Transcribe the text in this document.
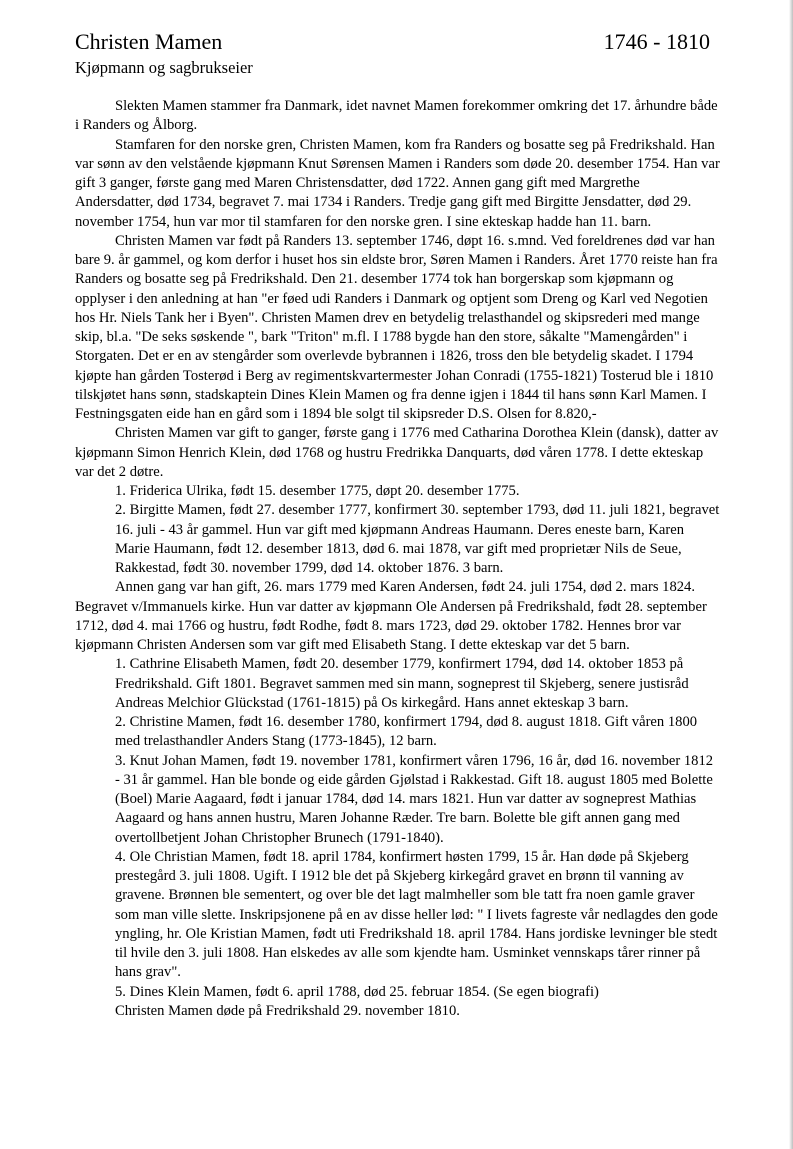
Christen Mamen	1746 - 1810
Kjøpmann og sagbrukseier

Slekten Mamen stammer fra Danmark, idet navnet Mamen forekommer omkring det 17. århundre både i Randers og Ålborg.

Stamfaren for den norske gren, Christen Mamen, kom fra Randers og bosatte seg på Fredrikshald. Han var sønn av den velstående kjøpmann Knut Sørensen Mamen i Randers som døde 20. desember 1754. Han var gift 3 ganger, første gang med Maren Christensdatter, død 1722. Annen gang gift med Margrethe Andersdatter, død 1734, begravet 7. mai 1734 i Randers. Tredje gang gift med Birgitte Jensdatter, død 29. november 1754, hun var mor til stamfaren for den norske gren. I sine ekteskap hadde han 11. barn.

Christen Mamen var født på Randers 13. september 1746, døpt 16. s.mnd. Ved foreldrenes død var han bare 9. år gammel, og kom derfor i huset hos sin eldste bror, Søren Mamen i Randers. Året 1770 reiste han fra Randers og bosatte seg på Fredrikshald. Den 21. desember 1774 tok han borgerskap som kjøpmann og opplyser i den anledning at han "er føed udi Randers i Danmark og optjent som Dreng og Karl ved Negotien hos Hr. Niels Tank her i Byen". Christen Mamen drev en betydelig trelasthandel og skipsrederi med mange skip, bl.a. "De seks søskende ", bark "Triton" m.fl. I 1788 bygde han den store, såkalte "Mamengården" i Storgaten. Det er en av stengårder som overlevde bybrannen i 1826, tross den ble betydelig skadet. I 1794 kjøpte han gården Tosterød i Berg av regimentskvartermester Johan Conradi (1755-1821) Tosterud ble i 1810 tilskjøtet hans sønn, stadskaptein Dines Klein Mamen og fra denne igjen i 1844 til hans sønn Karl Mamen. I Festningsgaten eide han en gård som i 1894 ble solgt til skipsreder D.S. Olsen for 8.820,-

Christen Mamen var gift to ganger, første gang i 1776 med Catharina Dorothea Klein (dansk), datter av kjøpmann Simon Henrich Klein, død 1768 og hustru Fredrikka Danquarts, død våren 1778. I dette ekteskap var det 2 døtre.

1. Friderica Ulrika, født 15. desember 1775, døpt 20. desember 1775.

2. Birgitte Mamen, født 27. desember 1777, konfirmert 30. september 1793, død 11. juli 1821, begravet 16. juli - 43 år gammel. Hun var gift med kjøpmann Andreas Haumann. Deres eneste barn, Karen Marie Haumann, født 12. desember 1813, død 6. mai 1878, var gift med proprietær Nils de Seue, Rakkestad, født 30. november 1799, død 14. oktober 1876. 3 barn.

Annen gang var han gift, 26. mars 1779 med Karen Andersen, født 24. juli 1754, død 2. mars 1824. Begravet v/Immanuels kirke. Hun var datter av kjøpmann Ole Andersen på Fredrikshald, født 28. september 1712, død 4. mai 1766 og hustru, født Rodhe, født 8. mars 1723, død 29. oktober 1782. Hennes bror var kjøpmann Christen Andersen som var gift med Elisabeth Stang. I dette ekteskap var det 5 barn.

1. Cathrine Elisabeth Mamen, født 20. desember 1779, konfirmert 1794, død 14. oktober 1853 på Fredrikshald. Gift 1801. Begravet sammen med sin mann, sogneprest til Skjeberg, senere justisråd Andreas Melchior Glückstad (1761-1815) på Os kirkegård. Hans annet ekteskap 3 barn.

2. Christine Mamen, født 16. desember 1780, konfirmert 1794, død 8. august 1818. Gift våren 1800 med trelasthandler Anders Stang (1773-1845), 12 barn.

3. Knut Johan Mamen, født 19. november 1781, konfirmert våren 1796, 16 år, død 16. november 1812 - 31 år gammel. Han ble bonde og eide gården Gjølstad i Rakkestad. Gift 18. august 1805 med Bolette (Boel) Marie Aagaard, født i januar 1784, død 14. mars 1821. Hun var datter av sogneprest Mathias Aagaard og hans annen hustru, Maren Johanne Ræder. Tre barn. Bolette ble gift annen gang med overtollbetjent Johan Christopher Brunech (1791-1840).

4. Ole Christian Mamen, født 18. april 1784, konfirmert høsten 1799, 15 år. Han døde på Skjeberg prestegård 3. juli 1808. Ugift. I 1912 ble det på Skjeberg kirkegård gravet en brønn til vanning av gravene. Brønnen ble sementert, og over ble det lagt malmheller som ble tatt fra noen gamle graver som man ville slette. Inskripsjonene på en av disse heller lød: " I livets fagreste vår nedlagdes den gode yngling, hr. Ole Kristian Mamen, født uti Fredrikshald 18. april 1784. Hans jordiske levninger ble stedt til hvile den 3. juli 1808. Han elskedes av alle som kjendte ham. Usminket vennskaps tårer rinner på hans grav".

5. Dines Klein Mamen, født 6. april 1788, død 25. februar 1854. (Se egen biografi)

Christen Mamen døde på Fredrikshald 29. november 1810.
